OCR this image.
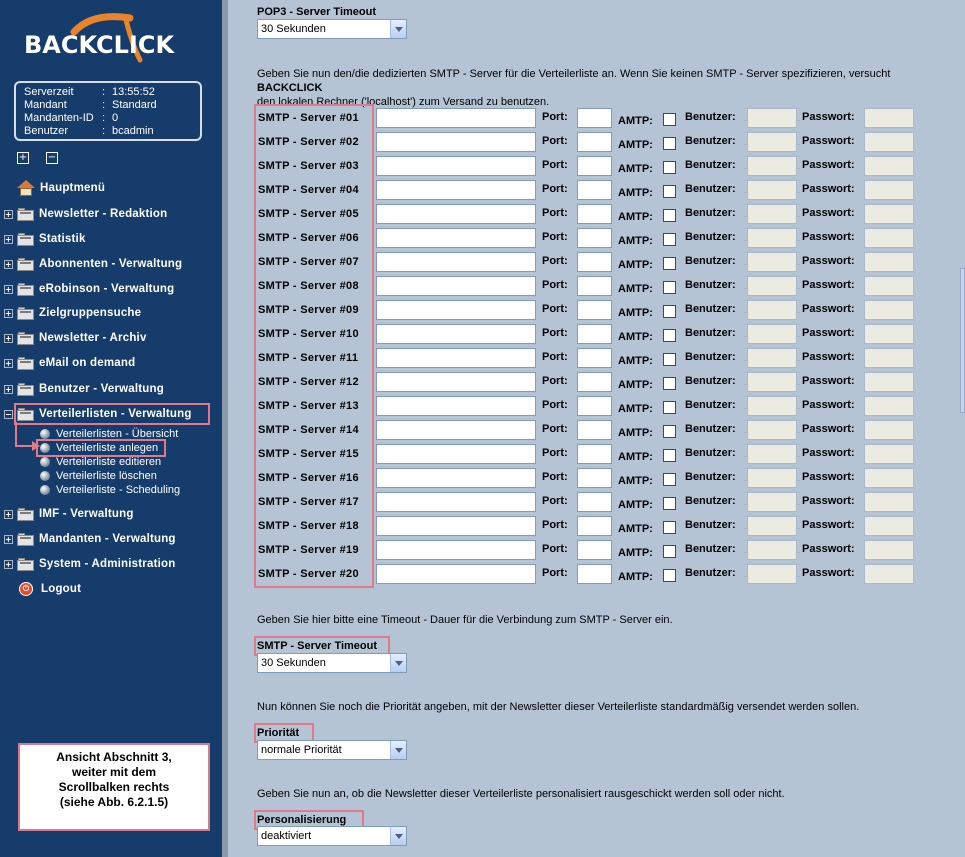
BACKCLICK
Serverzeit	: 13:55:52
Mandant	: Standard
Mandanten-ID : 0
Benutzer	: bcadmin
+ −
Hauptmenü
+ Newsletter - Redaktion
+ Statistik
+ Abonnenten - Verwaltung
+ eRobinson - Verwaltung
+ Zielgruppensuche
+ Newsletter - Archiv
+ eMail on demand
+ Benutzer - Verwaltung
− Verteilerlisten - Verwaltung
Verteilerlisten - Übersicht
Verteilerliste anlegen
Verteilerliste editieren
Verteilerliste löschen
Verteilerliste - Scheduling
+ IMF - Verwaltung
+ Mandanten - Verwaltung
+ System - Administration
⏻	Logout
Ansicht Abschnitt 3,
weiter mit dem
Scrollbalken rechts
(siehe Abb. 6.2.1.5)
POP3 - Server Timeout
30 Sekunden
Geben Sie nun den/die dedizierten SMTP - Server für die Verteilerliste an. Wenn Sie keinen SMTP - Server spezifizieren, versucht BACKCLICK
den lokalen Rechner ('localhost') zum Versand zu benutzen.
SMTP - Server #01	Port:	AMTP:	Benutzer:	Passwort:
SMTP - Server #02	Port:	AMTP:	Benutzer:	Passwort:
SMTP - Server #03	Port:	AMTP:	Benutzer:	Passwort:
SMTP - Server #04	Port:	AMTP:	Benutzer:	Passwort:
SMTP - Server #05	Port:	AMTP:	Benutzer:	Passwort:
SMTP - Server #06	Port:	AMTP:	Benutzer:	Passwort:
SMTP - Server #07	Port:	AMTP:	Benutzer:	Passwort:
SMTP - Server #08	Port:	AMTP:	Benutzer:	Passwort:
SMTP - Server #09	Port:	AMTP:	Benutzer:	Passwort:
SMTP - Server #10	Port:	AMTP:	Benutzer:	Passwort:
SMTP - Server #11	Port:	AMTP:	Benutzer:	Passwort:
SMTP - Server #12	Port:	AMTP:	Benutzer:	Passwort:
SMTP - Server #13	Port:	AMTP:	Benutzer:	Passwort:
SMTP - Server #14	Port:	AMTP:	Benutzer:	Passwort:
SMTP - Server #15	Port:	AMTP:	Benutzer:	Passwort:
SMTP - Server #16	Port:	AMTP:	Benutzer:	Passwort:
SMTP - Server #17	Port:	AMTP:	Benutzer:	Passwort:
SMTP - Server #18	Port:	AMTP:	Benutzer:	Passwort:
SMTP - Server #19	Port:	AMTP:	Benutzer:	Passwort:
SMTP - Server #20	Port:	AMTP:	Benutzer:	Passwort:
Geben Sie hier bitte eine Timeout - Dauer für die Verbindung zum SMTP - Server ein.
SMTP - Server Timeout
30 Sekunden
Nun können Sie noch die Priorität angeben, mit der Newsletter dieser Verteilerliste standardmäßig versendet werden sollen.
Priorität
normale Priorität
Geben Sie nun an, ob die Newsletter dieser Verteilerliste personalisiert rausgeschickt werden soll oder nicht.
Personalisierung
deaktiviert
